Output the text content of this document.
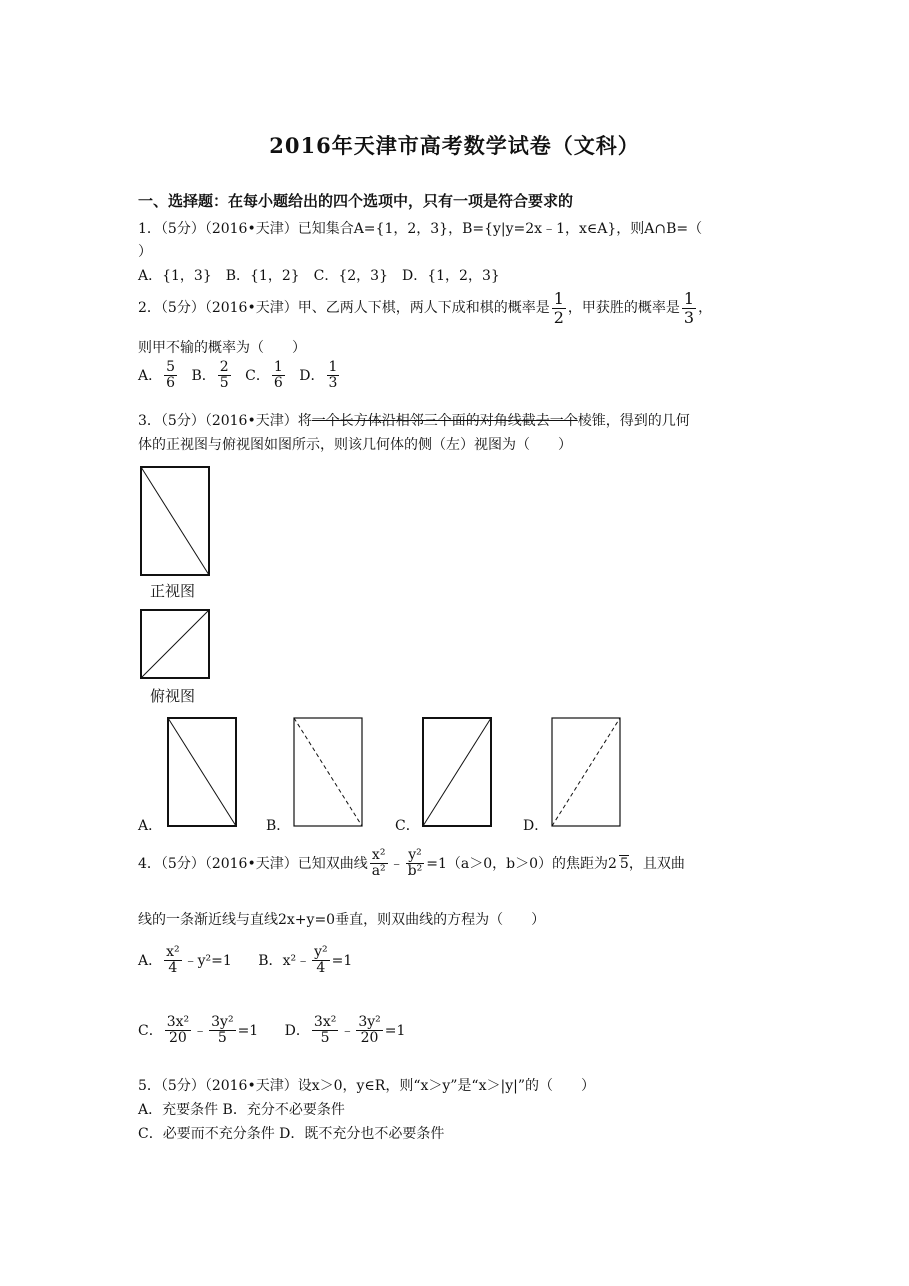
2016年天津市高考数学试卷（文科）
一、选择题：在每小题给出的四个选项中，只有一项是符合要求的
1．（5分）（2016•天津）已知集合A={1，2，3}，B={y|y=2x﹣1，x∈A}，则A∩B=（
）
A．{1，3}　B．{1，2}　C．{2，3}　D．{1，2，3}
2．（5分）（2016•天津）甲、乙两人下棋，两人下成和棋的概率是 $\frac{1}{2}$ ，甲获胜的概率是 $\frac{1}{3}$ ，
则甲不输的概率为（　　）
A． $\frac{5}{6}$ B． $\frac{2}{5}$ C． $\frac{1}{6}$ D． $\frac{1}{3}$
3．（5分）（2016•天津）将一个长方体沿相邻三个面的对角线截去一个棱锥，得到的几何
体的正视图与俯视图如图所示，则该几何体的侧（左）视图为（　　）
正视图
俯视图
A．	B．	C．	D．
4．（5分）（2016•天津）已知双曲线 $\frac{\text{x²}}{\text{a²}}$ ﹣ $\frac{\text{y²}}{\text{b²}} =1(a>0$，b＞0）的焦距为2 5，且双曲
线的一条渐近线与直线2x+y=0垂直，则双曲线的方程为（　　）
A． $\frac{\text{x²}}{4}$ ﹣y²=1 B．x²﹣ $\frac{\text{y²}}{4} =1$
C． $\frac{\text{3x²}}{20}$ ﹣ $\frac{\text{3y²}}{5} =1$ D． $\frac{\text{3x²}}{5}$ ﹣ $\frac{\text{3y²}}{20} =1$
5．（5分）（2016•天津）设x＞0，y∈R，则“x＞y”是“x＞|y|”的（　　）
A．充要条件 B．充分不必要条件
C．必要而不充分条件 D．既不充分也不必要条件
